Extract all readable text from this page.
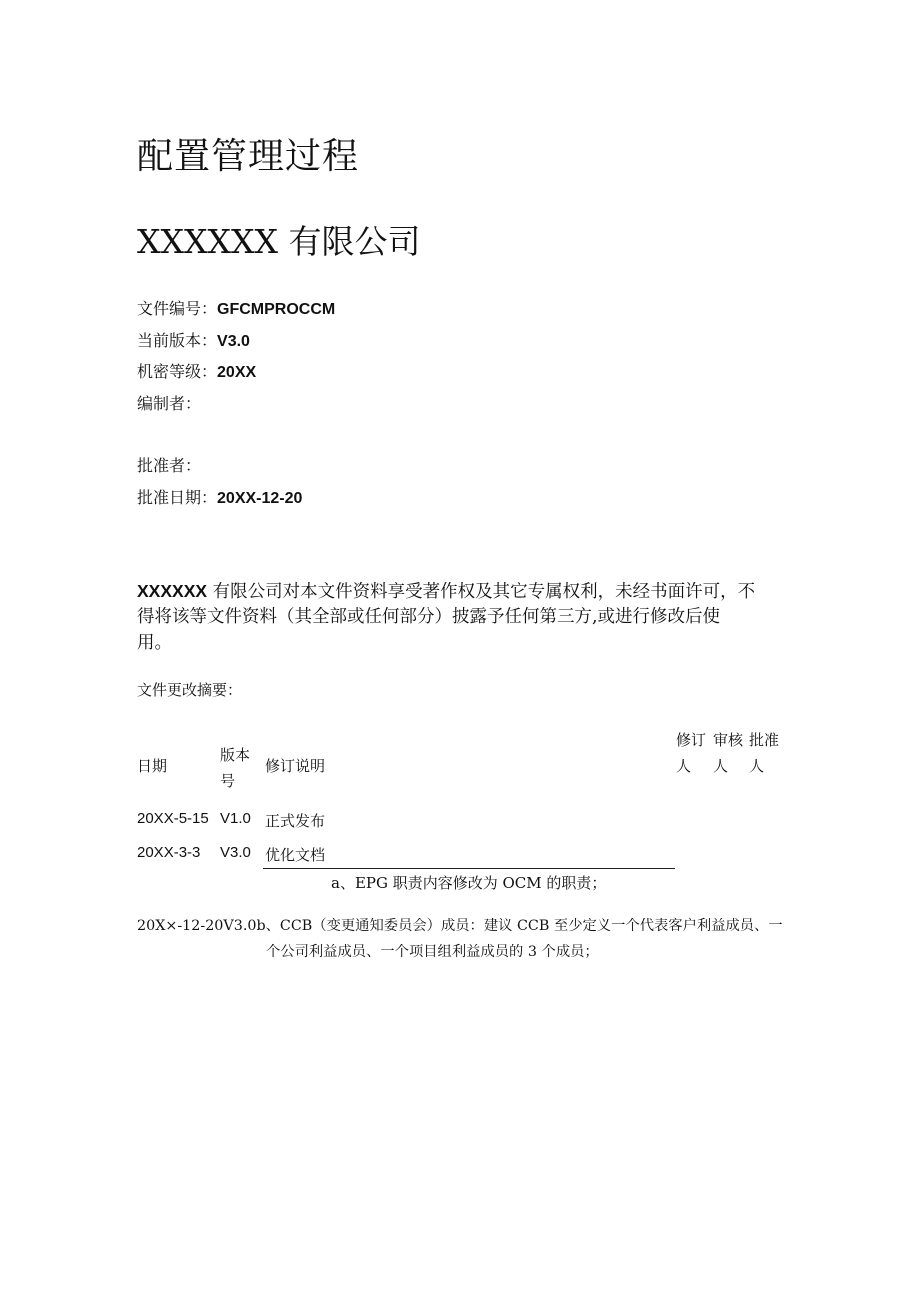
配置管理过程
XXXXXX 有限公司
文件编号：GFCMPROCCM
当前版本：V3.0
机密等级：20XX
编制者：
批准者：
批准日期：20XX-12-20
XXXXXX 有限公司对本文件资料享受著作权及其它专属权利，未经书面许可，不
得将该等文件资料（其全部或任何部分）披露予任何第三方,或进行修改后使
用。
文件更改摘要：
日期
版本
号
修订说明
修订
人
审核
人
批准
人
20XX-5-15 V1.0 正式发布
20XX-3-3 V3.0 优化文档
a、EPG 职责内容修改为 OCM 的职责；
20X×-12-20V3.0b、CCB（变更通知委员会）成员：建议 CCB 至少定义一个代表客户利益成员、一
个公司利益成员、一个项目组利益成员的 3 个成员；
